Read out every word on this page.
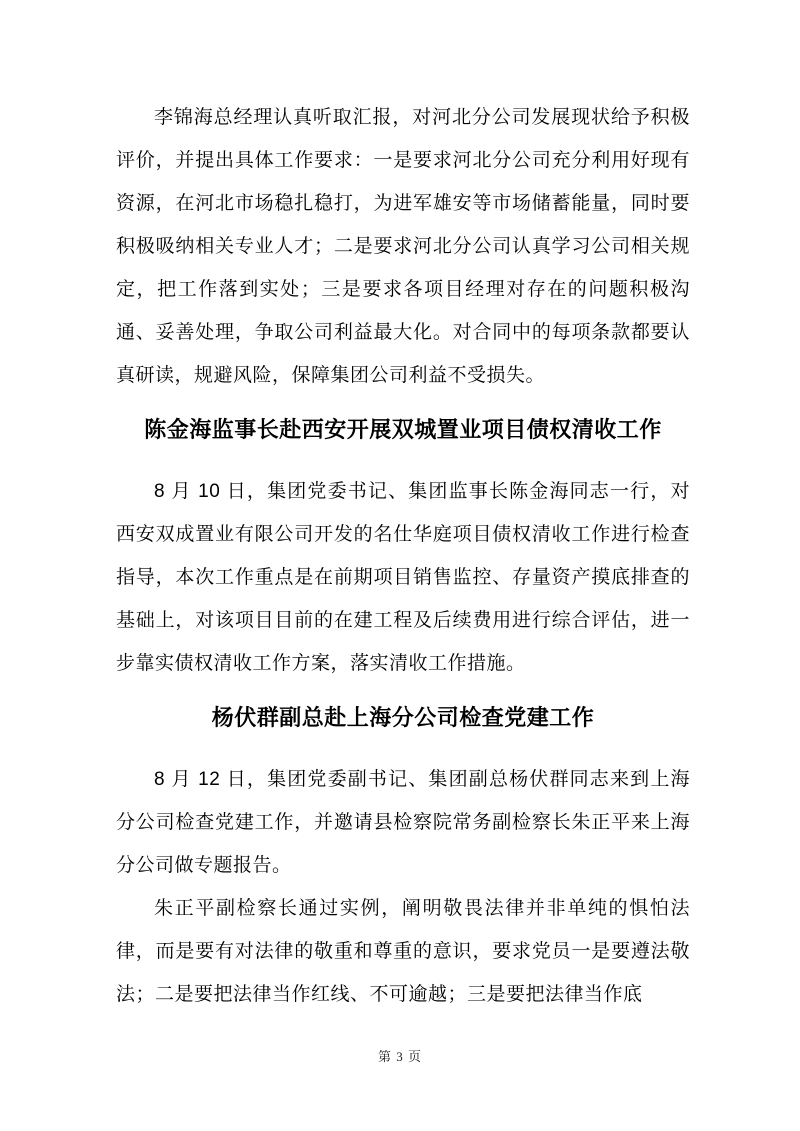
李锦海总经理认真听取汇报，对河北分公司发展现状给予积极评价，并提出具体工作要求：一是要求河北分公司充分利用好现有资源，在河北市场稳扎稳打，为进军雄安等市场储蓄能量，同时要积极吸纳相关专业人才；二是要求河北分公司认真学习公司相关规定，把工作落到实处；三是要求各项目经理对存在的问题积极沟通、妥善处理，争取公司利益最大化。对合同中的每项条款都要认真研读，规避风险，保障集团公司利益不受损失。

陈金海监事长赴西安开展双城置业项目债权清收工作

8 月 10 日，集团党委书记、集团监事长陈金海同志一行，对西安双成置业有限公司开发的名仕华庭项目债权清收工作进行检查指导，本次工作重点是在前期项目销售监控、存量资产摸底排查的基础上，对该项目目前的在建工程及后续费用进行综合评估，进一步靠实债权清收工作方案，落实清收工作措施。

杨伏群副总赴上海分公司检查党建工作

8 月 12 日，集团党委副书记、集团副总杨伏群同志来到上海分公司检查党建工作，并邀请县检察院常务副检察长朱正平来上海分公司做专题报告。

朱正平副检察长通过实例，阐明敬畏法律并非单纯的惧怕法律，而是要有对法律的敬重和尊重的意识，要求党员一是要遵法敬法；二是要把法律当作红线、不可逾越；三是要把法律当作底

第 3 页
